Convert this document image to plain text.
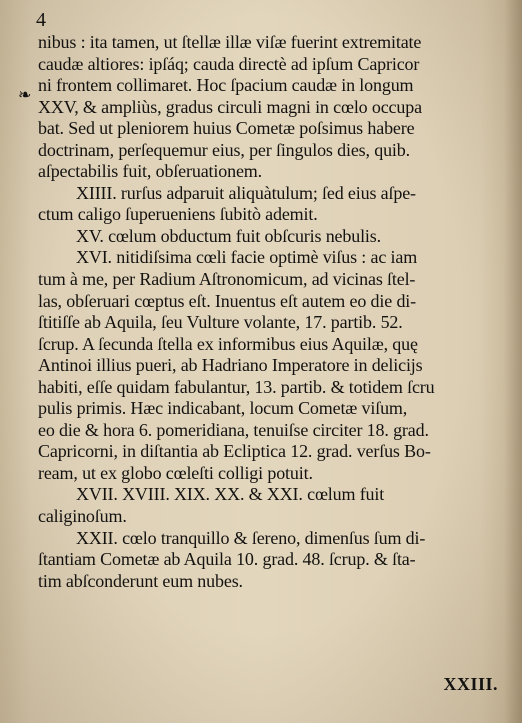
4
❧
nibus : ita tamen, ut ſtellæ illæ viſæ fuerint extremitate
caudæ altiores: ipſáq; cauda directè ad ipſum Capricor
ni frontem collimaret. Hoc ſpacium caudæ in longum
XXV, & ampliùs, gradus circuli magni in cœlo occupa
bat. Sed ut pleniorem huius Cometæ poſsimus habere
doctrinam, perſequemur eius, per ſingulos dies, quib.
aſpectabilis fuit, obſeruationem.
XIIII. rurſus adparuit aliquàtulum; ſed eius aſpe-
ctum caligo ſuperueniens ſubitò ademit.
XV. cœlum obductum fuit obſcuris nebulis.
XVI. nitidiſsima cœli facie optimè viſus : ac iam
tum à me, per Radium Aſtronomicum, ad vicinas ſtel-
las, obſeruari cœptus eſt. Inuentus eſt autem eo die di-
ſtitiſſe ab Aquila, ſeu Vulture volante, 17. partib. 52.
ſcrup. A ſecunda ſtella ex informibus eius Aquilæ, quę
Antinoi illius pueri, ab Hadriano Imperatore in delicijs
habiti, eſſe quidam fabulantur, 13. partib. & totidem ſcru
pulis primis. Hæc indicabant, locum Cometæ viſum,
eo die & hora 6. pomeridiana, tenuiſse circiter 18. grad.
Capricorni, in diſtantia ab Ecliptica 12. grad. verſus Bo-
ream, ut ex globo cœleſti colligi potuit.
XVII. XVIII. XIX. XX. & XXI. cœlum fuit
caliginoſum.
XXII. cœlo tranquillo & ſereno, dimenſus ſum di-
ſtantiam Cometæ ab Aquila 10. grad. 48. ſcrup. & ſta-
tim abſconderunt eum nubes.
XXIII.
